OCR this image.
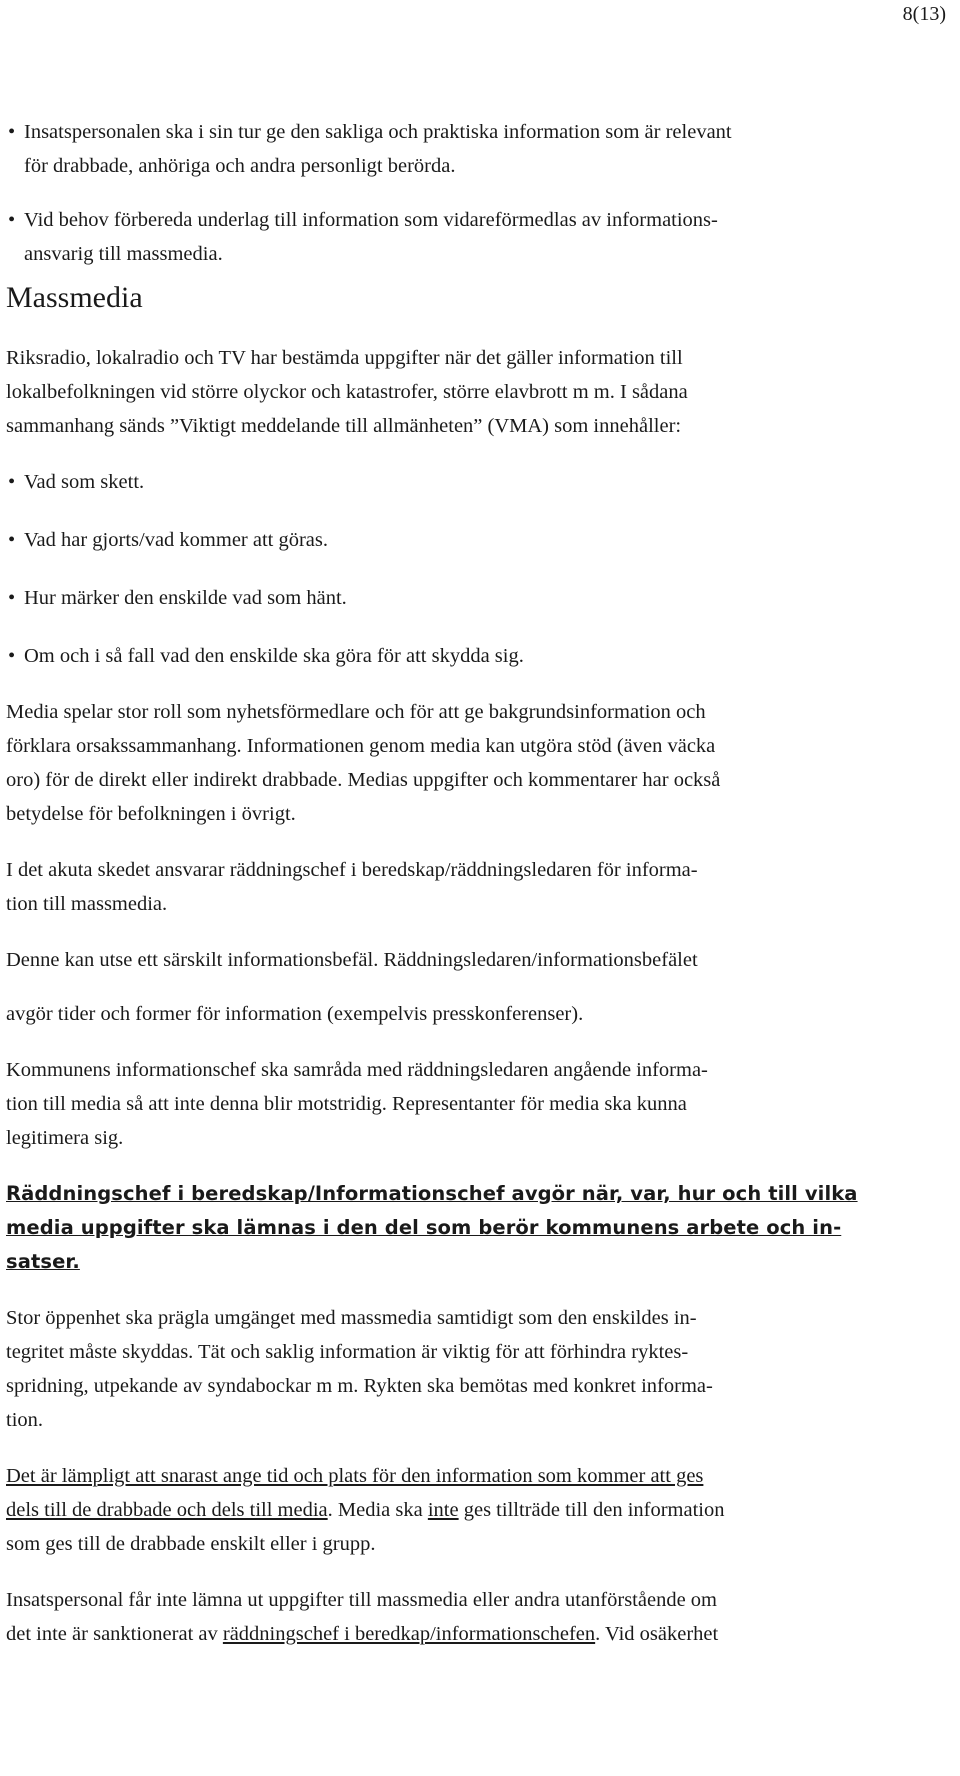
8(13)
• Insatspersonalen ska i sin tur ge den sakliga och praktiska information som är relevant
för drabbade, anhöriga och andra personligt berörda.
• Vid behov förbereda underlag till information som vidareförmedlas av informations-
ansvarig till massmedia.
Massmedia

Riksradio, lokalradio och TV har bestämda uppgifter när det gäller information till
lokalbefolkningen vid större olyckor och katastrofer, större elavbrott m m. I sådana
sammanhang sänds ”Viktigt meddelande till allmänheten” (VMA) som innehåller:

• Vad som skett.
• Vad har gjorts/vad kommer att göras.
• Hur märker den enskilde vad som hänt.
• Om och i så fall vad den enskilde ska göra för att skydda sig.

Media spelar stor roll som nyhetsförmedlare och för att ge bakgrundsinformation och
förklara orsakssammanhang. Informationen genom media kan utgöra stöd (även väcka
oro) för de direkt eller indirekt drabbade. Medias uppgifter och kommentarer har också
betydelse för befolkningen i övrigt.

I det akuta skedet ansvarar räddningschef i beredskap/räddningsledaren för informa-
tion till massmedia.

Denne kan utse ett särskilt informationsbefäl. Räddningsledaren/informationsbefälet
avgör tider och former för information (exempelvis presskonferenser).

Kommunens informationschef ska samråda med räddningsledaren angående informa-
tion till media så att inte denna blir motstridig. Representanter för media ska kunna
legitimera sig.

Räddningschef i beredskap/Informationschef avgör när, var, hur och till vilka
media uppgifter ska lämnas i den del som berör kommunens arbete och in-
satser.

Stor öppenhet ska prägla umgänget med massmedia samtidigt som den enskildes in-
tegritet måste skyddas. Tät och saklig information är viktig för att förhindra ryktes-
spridning, utpekande av syndabockar m m. Rykten ska bemötas med konkret informa-
tion.

Det är lämpligt att snarast ange tid och plats för den information som kommer att ges
dels till de drabbade och dels till media. Media ska inte ges tillträde till den information
som ges till de drabbade enskilt eller i grupp.

Insatspersonal får inte lämna ut uppgifter till massmedia eller andra utanförstående om
det inte är sanktionerat av räddningschef i beredkap/informationschefen. Vid osäkerhet
